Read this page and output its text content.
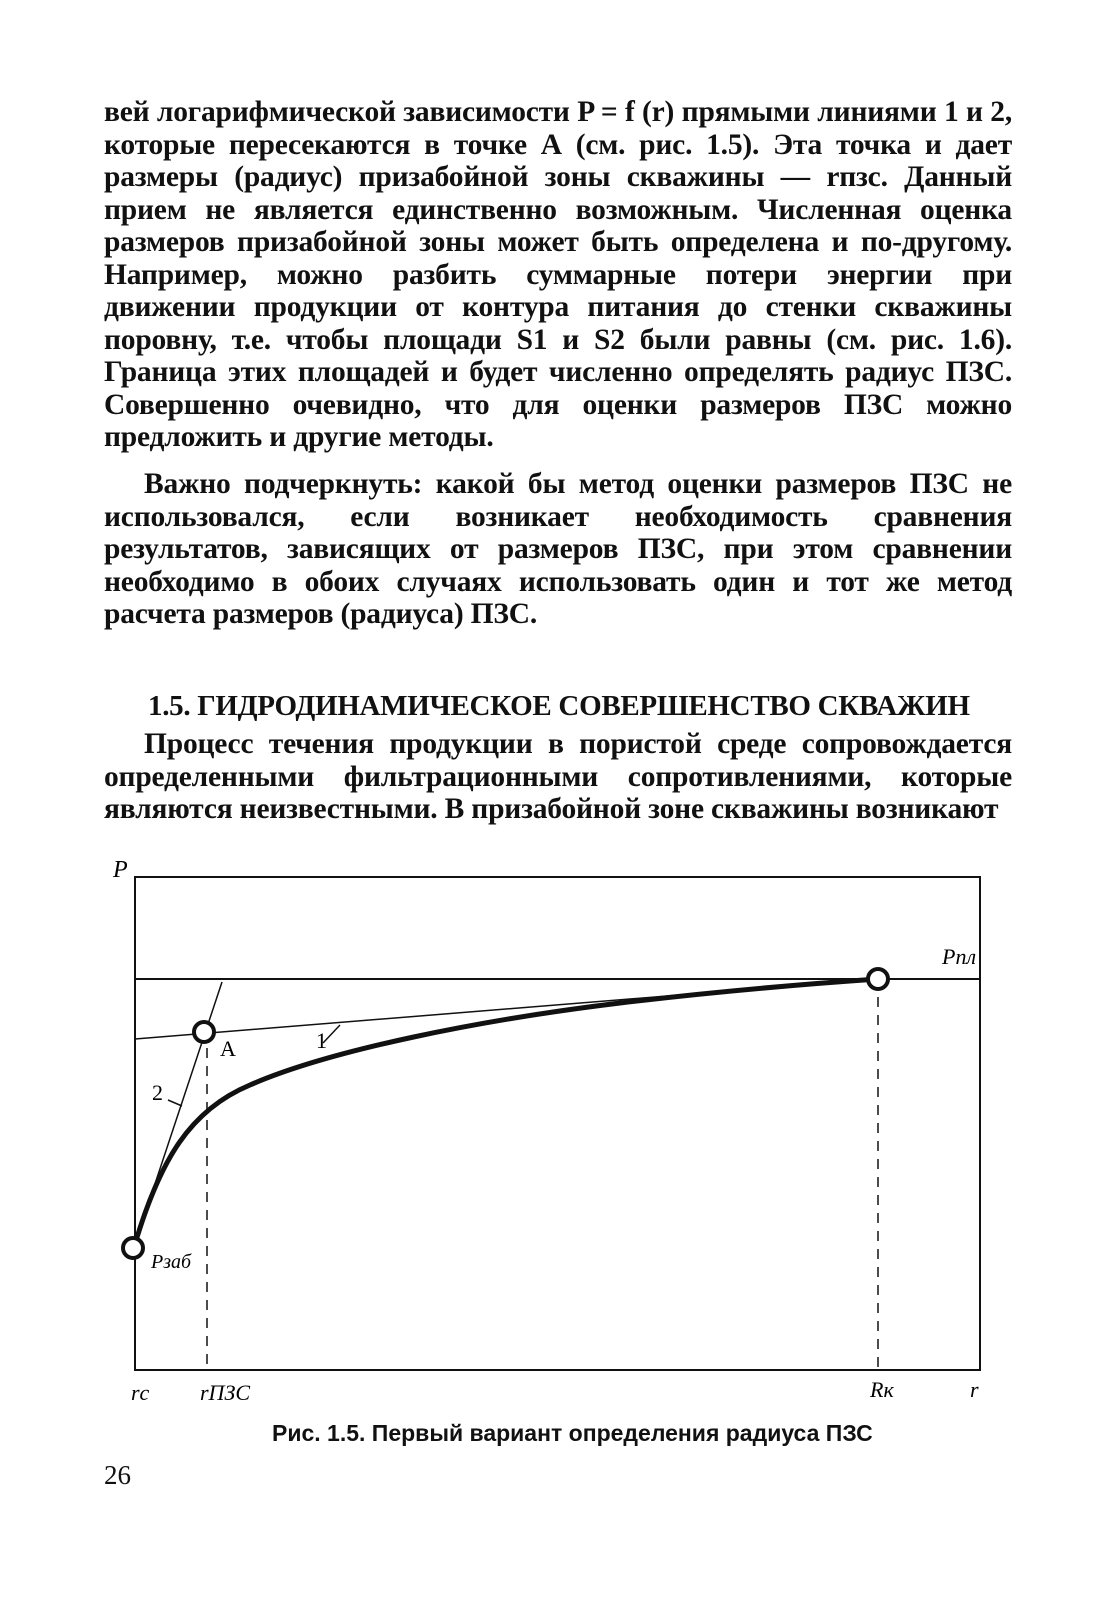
вей логарифмической зависимости P = f (r) прямыми линиями 1 и 2, которые пересекаются в точке А (см. рис. 1.5). Эта точка и дает размеры (радиус) призабойной зоны скважины — rпзс. Данный прием не является единственно возможным. Численная оценка размеров призабойной зоны может быть определена и по-другому. Например, можно разбить суммарные потери энергии при движении продукции от контура питания до стенки скважины поровну, т.е. чтобы площади S1 и S2 были равны (см. рис. 1.6). Граница этих площадей и будет численно определять радиус ПЗС. Совершенно очевидно, что для оценки размеров ПЗС можно предложить и другие методы.

Важно подчеркнуть: какой бы метод оценки размеров ПЗС не использовался, если возникает необходимость сравнения результатов, зависящих от размеров ПЗС, при этом сравнении необходимо в обоих случаях использовать один и тот же метод расчета размеров (радиуса) ПЗС.

1.5. ГИДРОДИНАМИЧЕСКОЕ СОВЕРШЕНСТВО СКВАЖИН

Процесс течения продукции в пористой среде сопровождается определенными фильтрационными сопротивлениями, которые являются неизвестными. В призабойной зоне скважины возникают

P
Pпл
А	1
2
Pзаб
rс rПЗС	Rк	r
Рис. 1.5. Первый вариант определения радиуса ПЗС
26
